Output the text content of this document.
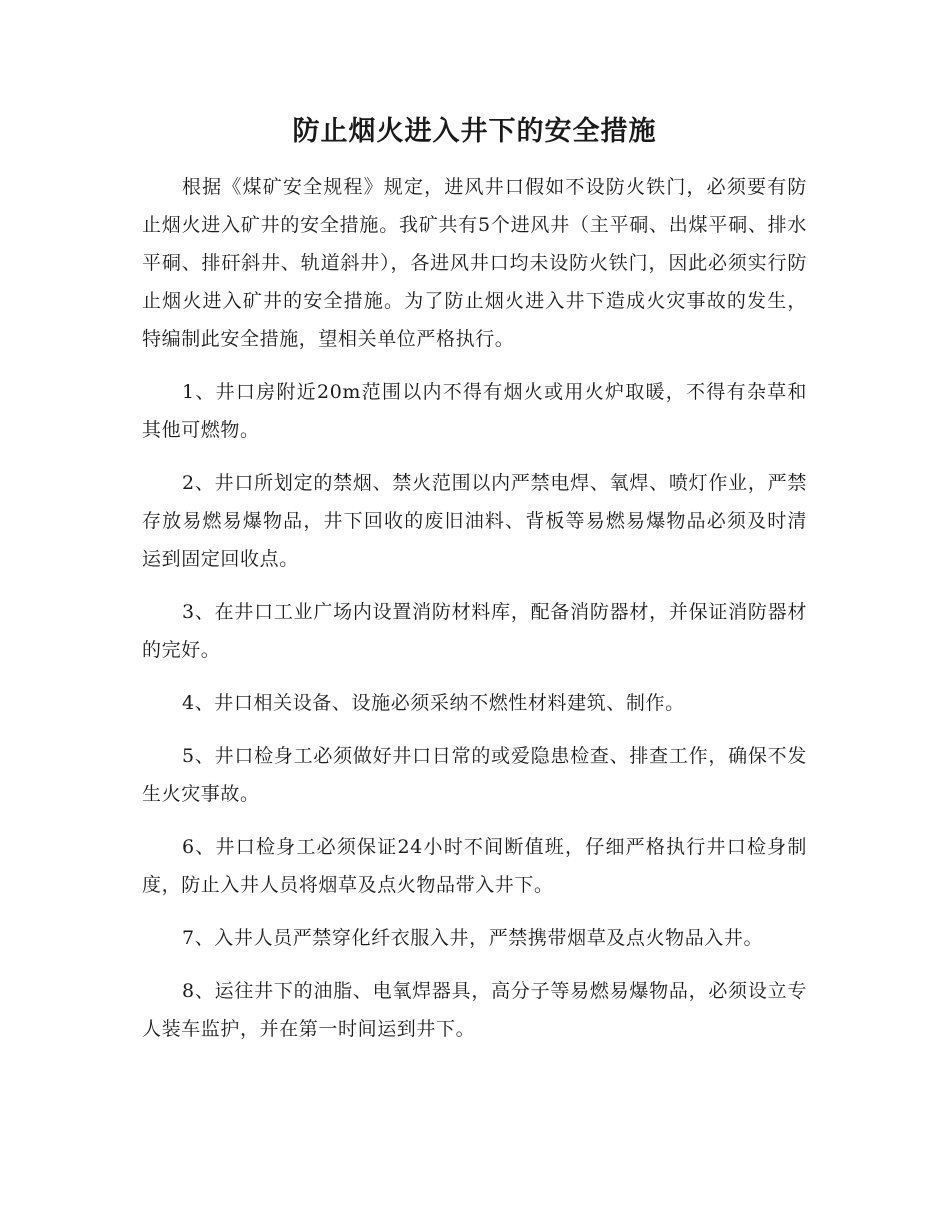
防止烟火进入井下的安全措施

根据《煤矿安全规程》规定，进风井口假如不设防火铁门，必须要有防止烟火进入矿井的安全措施。我矿共有5个进风井（主平硐、出煤平硐、排水平硐、排矸斜井、轨道斜井），各进风井口均未设防火铁门，因此必须实行防止烟火进入矿井的安全措施。为了防止烟火进入井下造成火灾事故的发生，特编制此安全措施，望相关单位严格执行。

1、井口房附近20m范围以内不得有烟火或用火炉取暖，不得有杂草和其他可燃物。

2、井口所划定的禁烟、禁火范围以内严禁电焊、氧焊、喷灯作业，严禁存放易燃易爆物品，井下回收的废旧油料、背板等易燃易爆物品必须及时清运到固定回收点。

3、在井口工业广场内设置消防材料库，配备消防器材，并保证消防器材的完好。

4、井口相关设备、设施必须采纳不燃性材料建筑、制作。

5、井口检身工必须做好井口日常的或爱隐患检查、排查工作，确保不发生火灾事故。

6、井口检身工必须保证24小时不间断值班，仔细严格执行井口检身制度，防止入井人员将烟草及点火物品带入井下。

7、入井人员严禁穿化纤衣服入井，严禁携带烟草及点火物品入井。

8、运往井下的油脂、电氧焊器具，高分子等易燃易爆物品，必须设立专人装车监护，并在第一时间运到井下。
